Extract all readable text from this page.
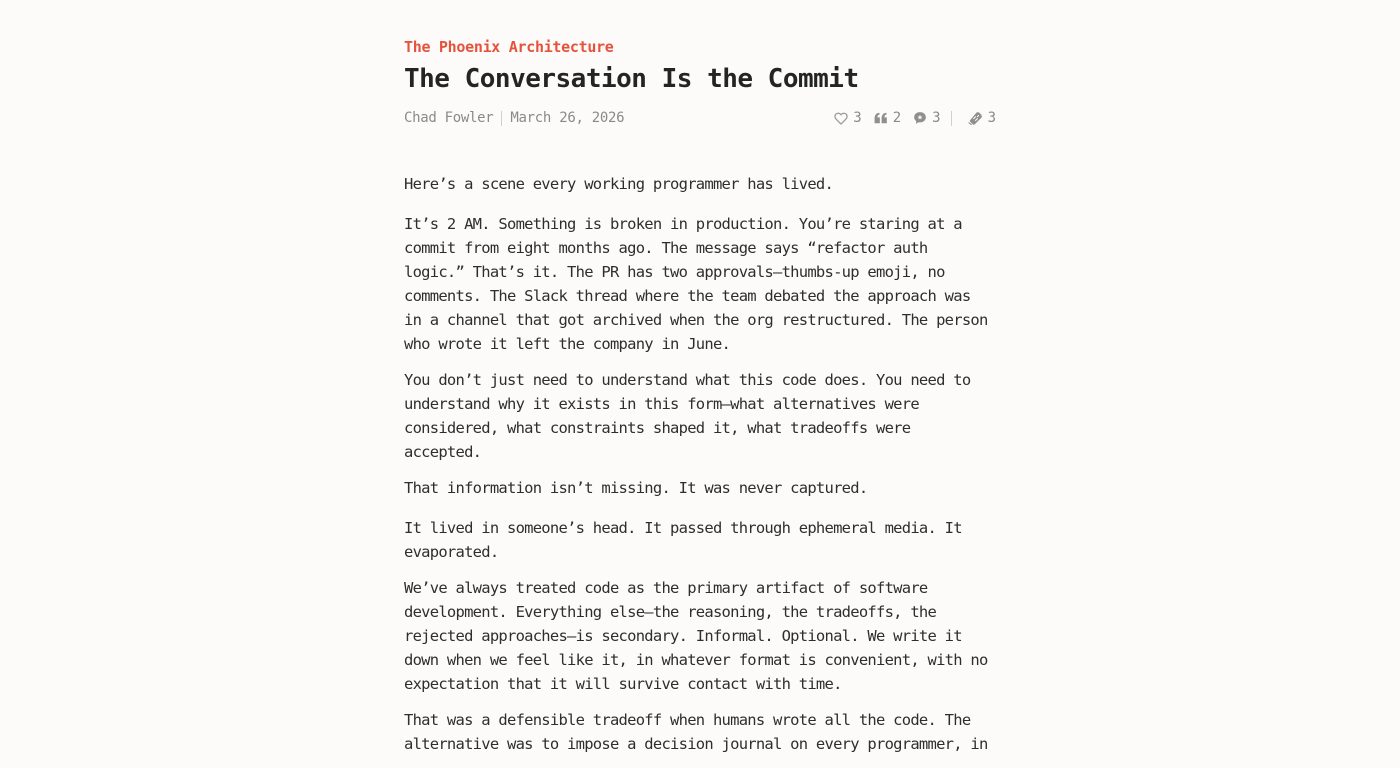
The Phoenix Architecture
The Conversation Is the Commit
Chad Fowler March 26, 2026	3 2 3	3

Here’s a scene every working programmer has lived.

It’s 2 AM. Something is broken in production. You’re staring at a commit from eight months ago. The message says “refactor auth logic.” That’s it. The PR has two approvals—thumbs-up emoji, no comments. The Slack thread where the team debated the approach was in a channel that got archived when the org restructured. The person who wrote it left the company in June.

You don’t just need to understand what this code does. You need to understand why it exists in this form—what alternatives were considered, what constraints shaped it, what tradeoffs were accepted.

That information isn’t missing. It was never captured.

It lived in someone’s head. It passed through ephemeral media. It evaporated.

We’ve always treated code as the primary artifact of software development. Everything else—the reasoning, the tradeoffs, the rejected approaches—is secondary. Informal. Optional. We write it down when we feel like it, in whatever format is convenient, with no expectation that it will survive contact with time.

That was a defensible tradeoff when humans wrote all the code. The alternative was to impose a decision journal on every programmer, in
